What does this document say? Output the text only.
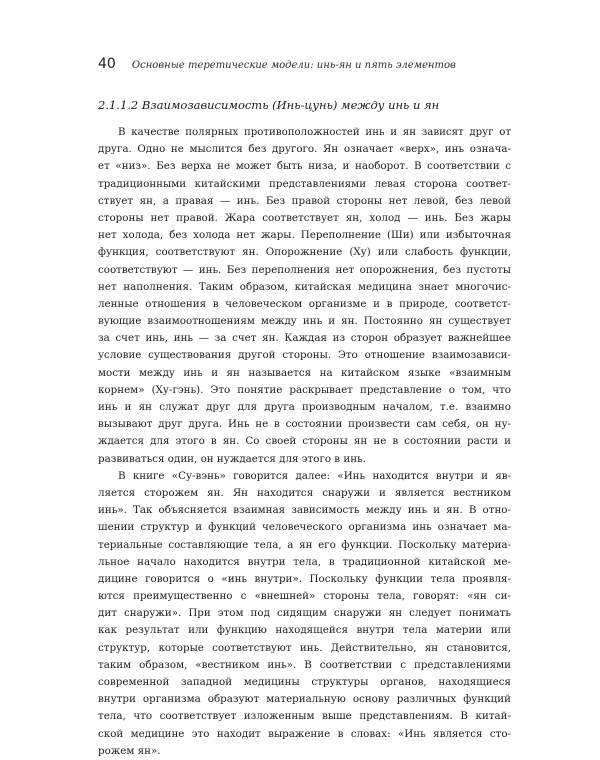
40 Основные теретические модели: инь-ян и пять элементов
2.1.1.2 Взаимозависимость (Инь-цунь) между инь и ян
В качестве полярных противоположностей инь и ян зависят друг от
друга. Одно не мыслится без другого. Ян означает «верх», инь означа-
ет «низ». Без верха не может быть низа, и наоборот. В соответствии с
традиционными китайскими представлениями левая сторона соответ-
ствует ян, а правая — инь. Без правой стороны нет левой, без левой
стороны нет правой. Жара соответствует ян, холод — инь. Без жары
нет холода, без холода нет жары. Переполнение (Ши) или избыточная
функция, соответствуют ян. Опорожнение (Ху) или слабость функции,
соответствуют — инь. Без переполнения нет опорожнения, без пустоты
нет наполнения. Таким образом, китайская медицина знает многочис-
ленные отношения в человеческом организме и в природе, соответст-
вующие взаимоотношениям между инь и ян. Постоянно ян существует
за счет инь, инь — за счет ян. Каждая из сторон образует важнейшее
условие существования другой стороны. Это отношение взаимозависи-
мости между инь и ян называется на китайском языке «взаимным
корнем» (Ху-гэнь). Это понятие раскрывает представление о том, что
инь и ян служат друг для друга производным началом, т.е. взаимно
вызывают друг друга. Инь не в состоянии произвести сам себя, он ну-
ждается для этого в ян. Со своей стороны ян не в состоянии расти и
развиваться один, он нуждается для этого в инь.
В книге «Су-вэнь» говорится далее: «Инь находится внутри и яв-
ляется сторожем ян. Ян находится снаружи и является вестником
инь». Так объясняется взаимная зависимость между инь и ян. В отно-
шении структур и функций человеческого организма инь означает ма-
териальные составляющие тела, а ян его функции. Поскольку материа-
льное начало находится внутри тела, в традиционной китайской ме-
дицине говорится о «инь внутри». Поскольку функции тела проявля-
ются преимущественно с «внешней» стороны тела, говорят: «ян си-
дит снаружи». При этом под сидящим снаружи ян следует понимать
как результат или функцию находящейся внутри тела материи или
структур, которые соответствуют инь. Действительно, ян становится,
таким образом, «вестником инь». В соответствии с представлениями
современной западной медицины структуры органов, находящиеся
внутри организма образуют материальную основу различных функций
тела, что соответствует изложенным выше представлениям. В китай-
ской медицине это находит выражение в словах: «Инь является сто-
рожем ян».
